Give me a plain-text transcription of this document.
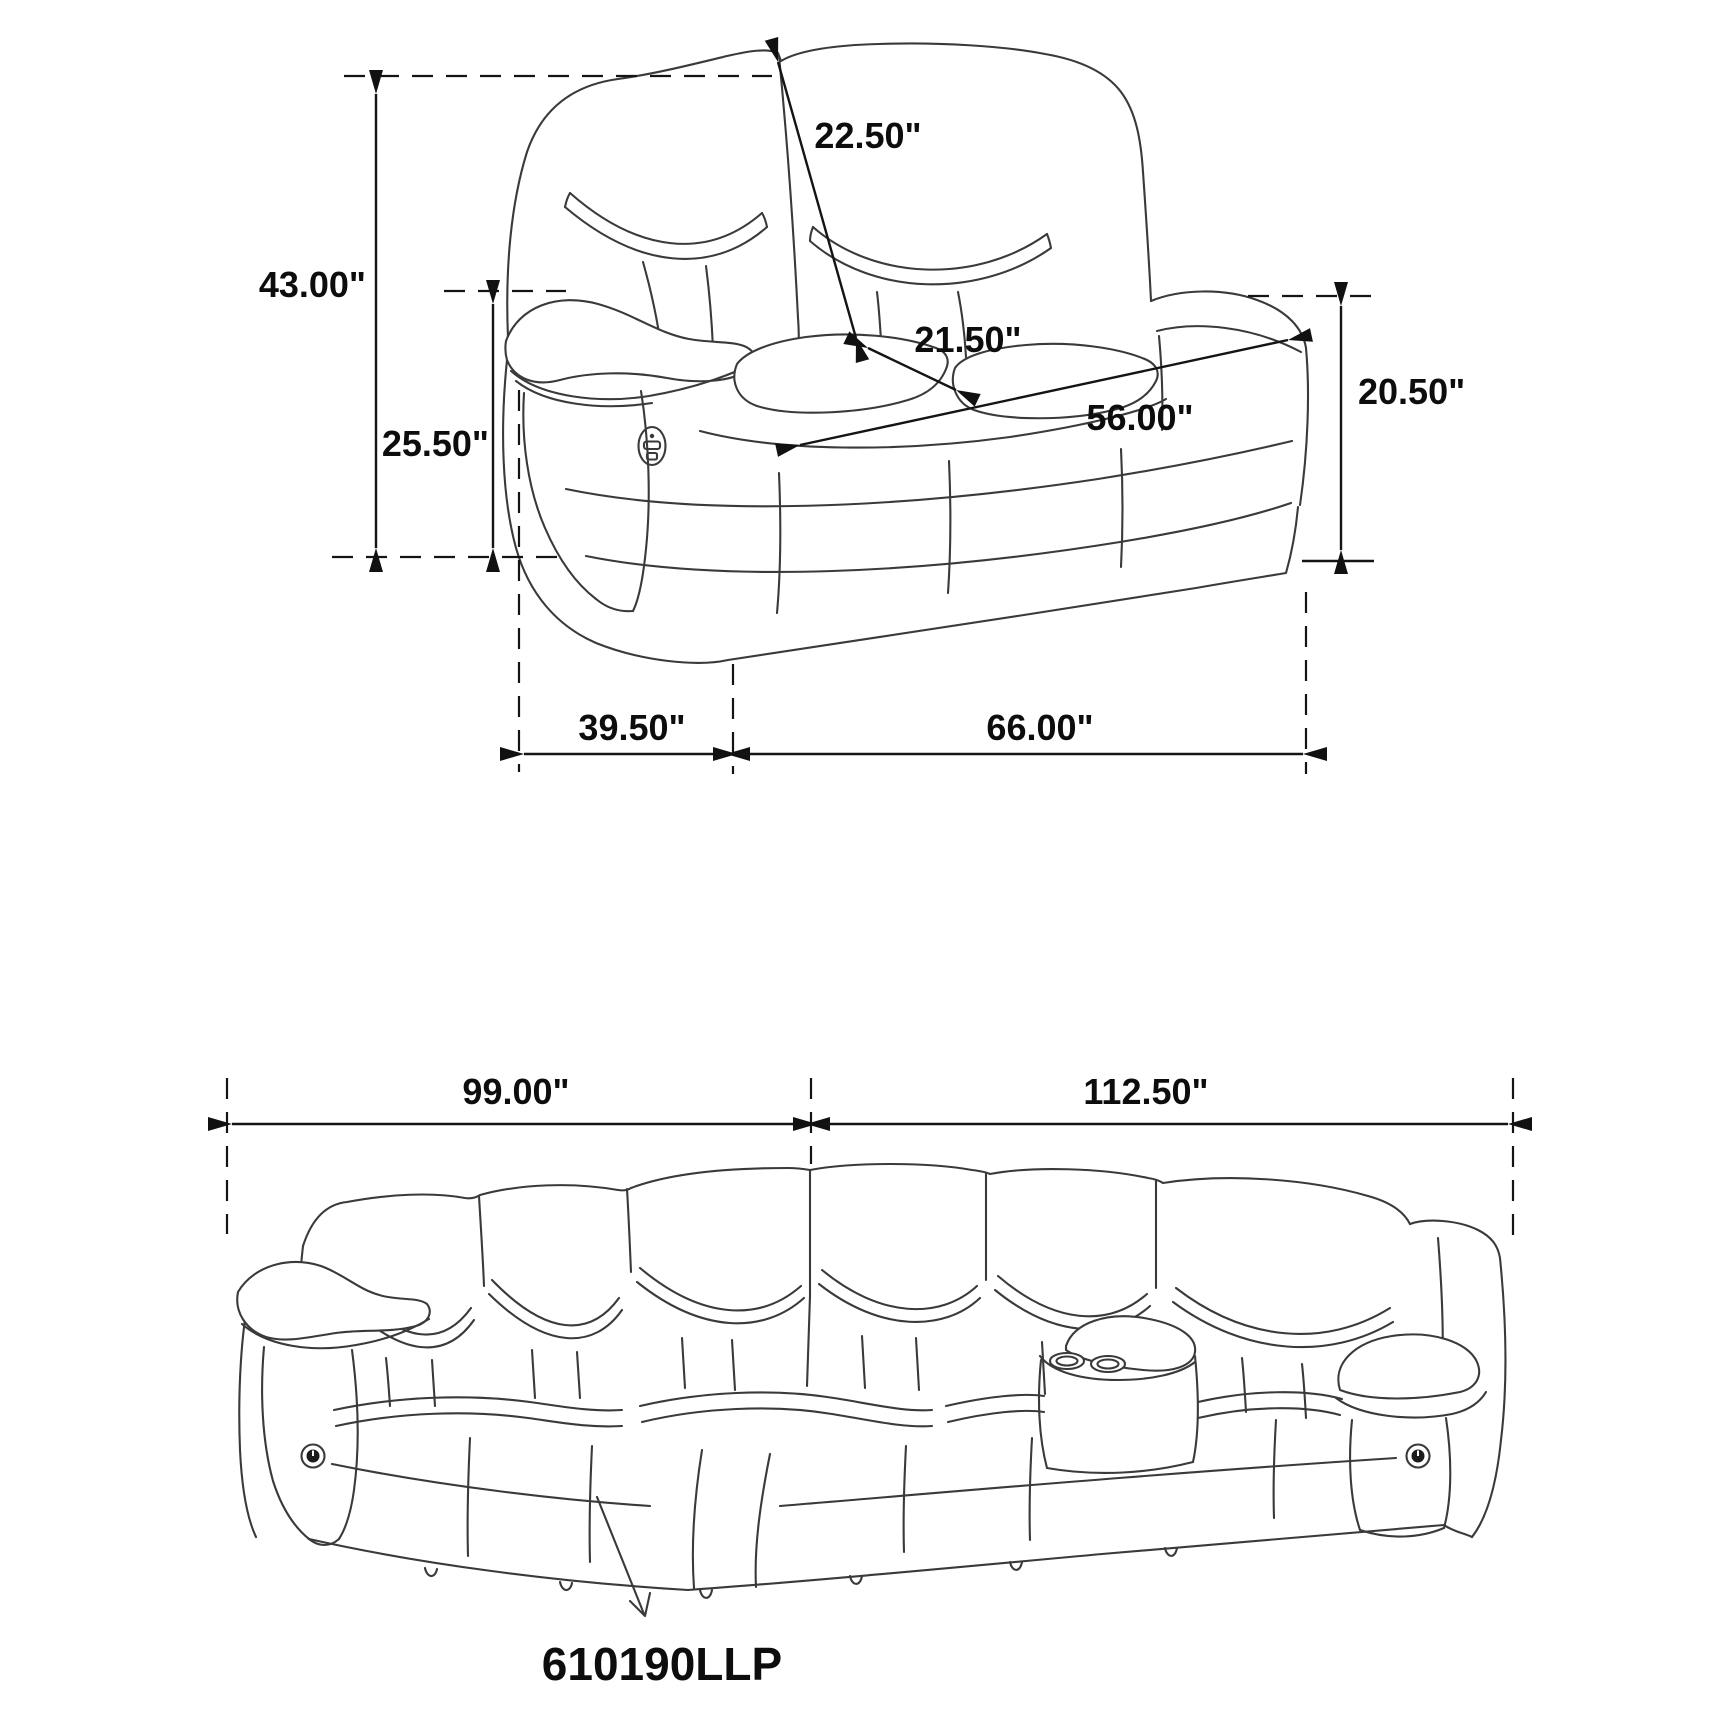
43.00"
25.50"
22.50"
21.50"
56.00"
20.50"
39.50"	66.00"
99.00"	112.50"
610190LLP
